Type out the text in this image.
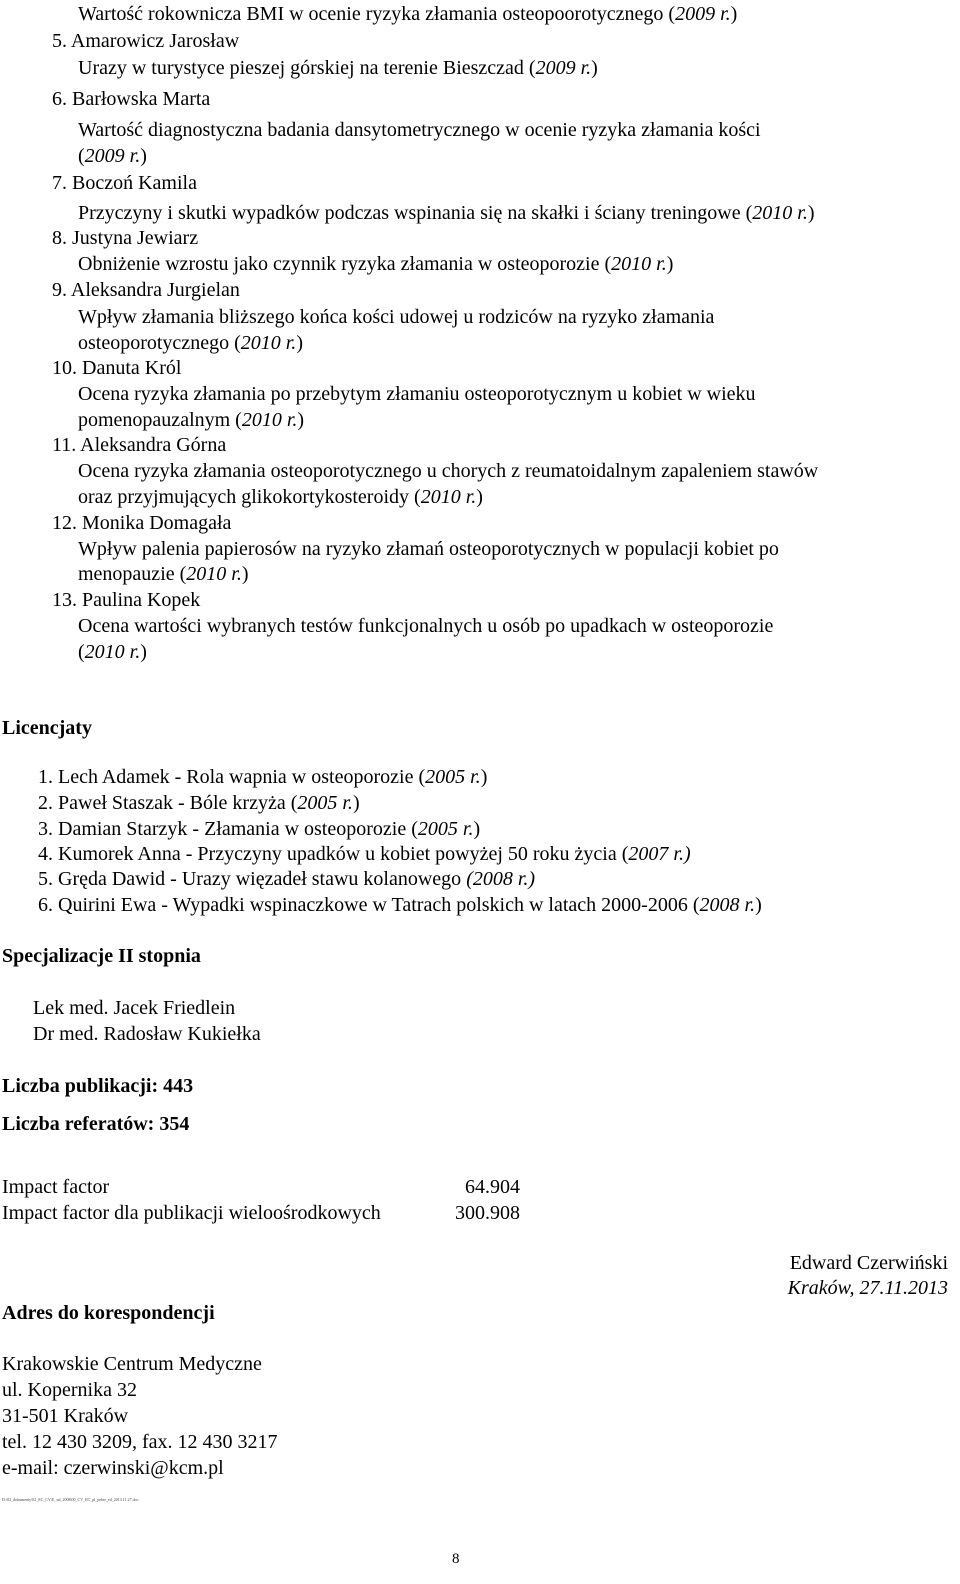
Wartość rokownicza BMI w ocenie ryzyka złamania osteopoorotycznego (2009 r.)
5. Amarowicz Jarosław
Urazy w turystyce pieszej górskiej na terenie Bieszczad (2009 r.)
6. Barłowska Marta
Wartość diagnostyczna badania dansytometrycznego w ocenie ryzyka złamania kości
(2009 r.)
7. Boczoń Kamila
Przyczyny i skutki wypadków podczas wspinania się na skałki i ściany treningowe (2010 r.)
8. Justyna Jewiarz
Obniżenie wzrostu jako czynnik ryzyka złamania w osteoporozie (2010 r.)
9. Aleksandra Jurgielan
Wpływ złamania bliższego końca kości udowej u rodziców na ryzyko złamania
osteoporotycznego (2010 r.)
10. Danuta Król
Ocena ryzyka złamania po przebytym złamaniu osteoporotycznym u kobiet w wieku
pomenopauzalnym (2010 r.)
11. Aleksandra Górna
Ocena ryzyka złamania osteoporotycznego u chorych z reumatoidalnym zapaleniem stawów
oraz przyjmujących glikokortykosteroidy (2010 r.)
12. Monika Domagała
Wpływ palenia papierosów na ryzyko złamań osteoporotycznych w populacji kobiet po
menopauzie (2010 r.)
13. Paulina Kopek
Ocena wartości wybranych testów funkcjonalnych u osób po upadkach w osteoporozie
(2010 r.)
Licencjaty
1. Lech Adamek - Rola wapnia w osteoporozie (2005 r.)
2. Paweł Staszak - Bóle krzyża (2005 r.)
3. Damian Starzyk - Złamania w osteoporozie (2005 r.)
4. Kumorek Anna - Przyczyny upadków u kobiet powyżej 50 roku życia (2007 r.)
5. Gręda Dawid - Urazy więzadeł stawu kolanowego (2008 r.)
6. Quirini Ewa - Wypadki wspinaczkowe w Tatrach polskich w latach 2000-2006 (2008 r.)
Specjalizacje II stopnia
Lek med. Jacek Friedlein
Dr med. Radosław Kukiełka
Liczba publikacji: 443
Liczba referatów: 354
Impact factor	64.904
Impact factor dla publikacji wieloośrodkowych	300.908
Edward Czerwiński
Kraków, 27.11.2013
Adres do korespondencji
Krakowskie Centrum Medyczne
ul. Kopernika 32
31-501 Kraków
tel. 12 430 3209, fax. 12 430 3217
e-mail: czerwinski@kcm.pl
D:\02_dokumenty\02_EC_CV\E_ud_2008\00_CV_EC_pl_pelne_ed_2013.11.27.doc
8
